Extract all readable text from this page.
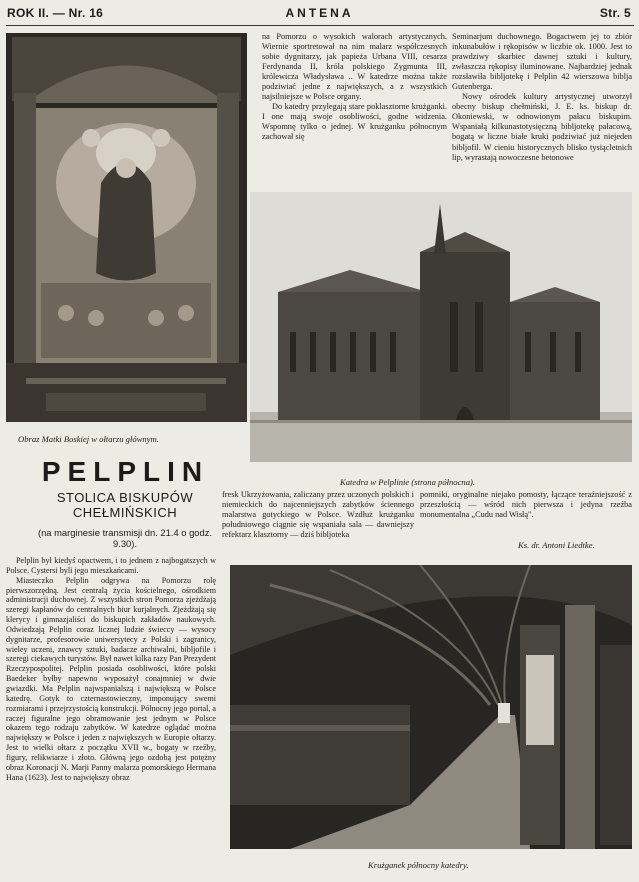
ROK II. — Nr. 16	ANTENA	Str. 5
Obraz Matki Boskiej w ołtarzu głównym.

na Pomorzu o wysokich walorach artystycznych. Wiernie sportretował na nim malarz współczesnych sobie dygnitarzy, jak papieża Urbana VIII, cesarza Ferdynanda II, króla polskiego Zygmunta III, królewicza Władysława .. W katedrze można także podziwiać jedne z największych, a z wszystkich najsilniejsze w Polsce organy.

Do katedry przylegają stare poklasztorne krużganki. I one mają swoje osobliwości, godne widzenia. Wspomnę tylko o jednej. W krużganku północnym zachował się

Seminarjum duchownego. Bogactwem jej to zbiór inkunabułów i rękopisów w liczbie ok. 1000. Jest to prawdziwy skarbiec dawnej sztuki i kultury, zwłaszcza rękopisy iluminowane. Najbardziej jednak rozsławiła bibljotekę i Pelplin 42 wierszowa biblja Gutenberga.

Nowy ośrodek kultury artystycznej utworzył obecny biskup chełmiński, J. E. ks. biskup dr. Okoniewski, w odnowionym pałacu biskupim. Wspaniałą kilkunastotysięczną bibljotekę pałacową, bogatą w liczne białe kruki podziwiać już niejeden bibljofil. W cieniu historycznych blisko tysiącletnich lip, wyrastają nowoczesne betonowe

Katedra w Pelplinie (strona północna).
PELPLIN
STOLICA BISKUPÓW
CHEŁMIŃSKICH
(na marginesie transmisji dn. 21.4 o godz.
9.30).

Pelplin był kiedyś opactwem, i to jednem z najbogatszych w Polsce. Cystersi byli jego mieszkańcami.

Miasteczko Pelplin odgrywa na Pomorzu rolę pierwszorzędną. Jest centralą życia kościelnego, ośrodkiem administracji duchownej. Z wszystkich stron Pomorza zjeżdżają szeregi kapłanów do centralnych biur kurjalnych. Zjeżdżają się klerycy i gimnazjaliści do biskupich zakładów naukowych. Odwiedzają Pelplin coraz licznej ludzie świeccy — wysocy dygnitarze, profesorowie uniwersytecy z Polski i zagranicy, wieley uczeni, znawcy sztuki, badacze archiwalni, bibljofile i szeregi ciekawych turystów. Był nawet kilka razy Pan Prezydent Rzeczypospolitej. Pelplin posiada osobliwości, które polski Baedeker byłby napewno wyposażył conajmniej w dwie gwiazdki. Ma Pelplin najwspanialszą i największą w Polsce katedrę. Gotyk to czternastowieczny, imponujący swemi rozmiarami i przejrzystością konstrukcji. Północny jego portal, a raczej figuralne jego obramowanie jest jednym w Polsce okazem tego rodzaju zabytków. W katedrze oglądać można największy w Polsce i jeden z największych w Europie ołtarzy. Jest to wielki ołtarz z początku XVII w., bogaty w rzeźby, figury, relikwiarze i złoto. Główną jego ozdobą jest potężny obraz Koronacji N. Marji Panny malarza pomorskiego Hermana Hana (1623). Jest to największy obraz

fresk Ukrzyżowania, zaliczany przez uczonych polskich i niemieckich do najcenniejszych zabytków ściennego malarstwa gotyckiego w Polsce. Wzdłuż krużganku południowego ciągnie się wspaniała sala — dawniejszy refektarz klasztorny — dziś bibljoteka

pomniki, oryginalne niejako pomosty, łączące teraźniejszość z przeszłością — wśród nich pierwsza i jedyna rzeźba monumentalna „Cudu nad Wisłą".

Ks. dr. Antoni Liedtke.
Krużganek północny katedry.
